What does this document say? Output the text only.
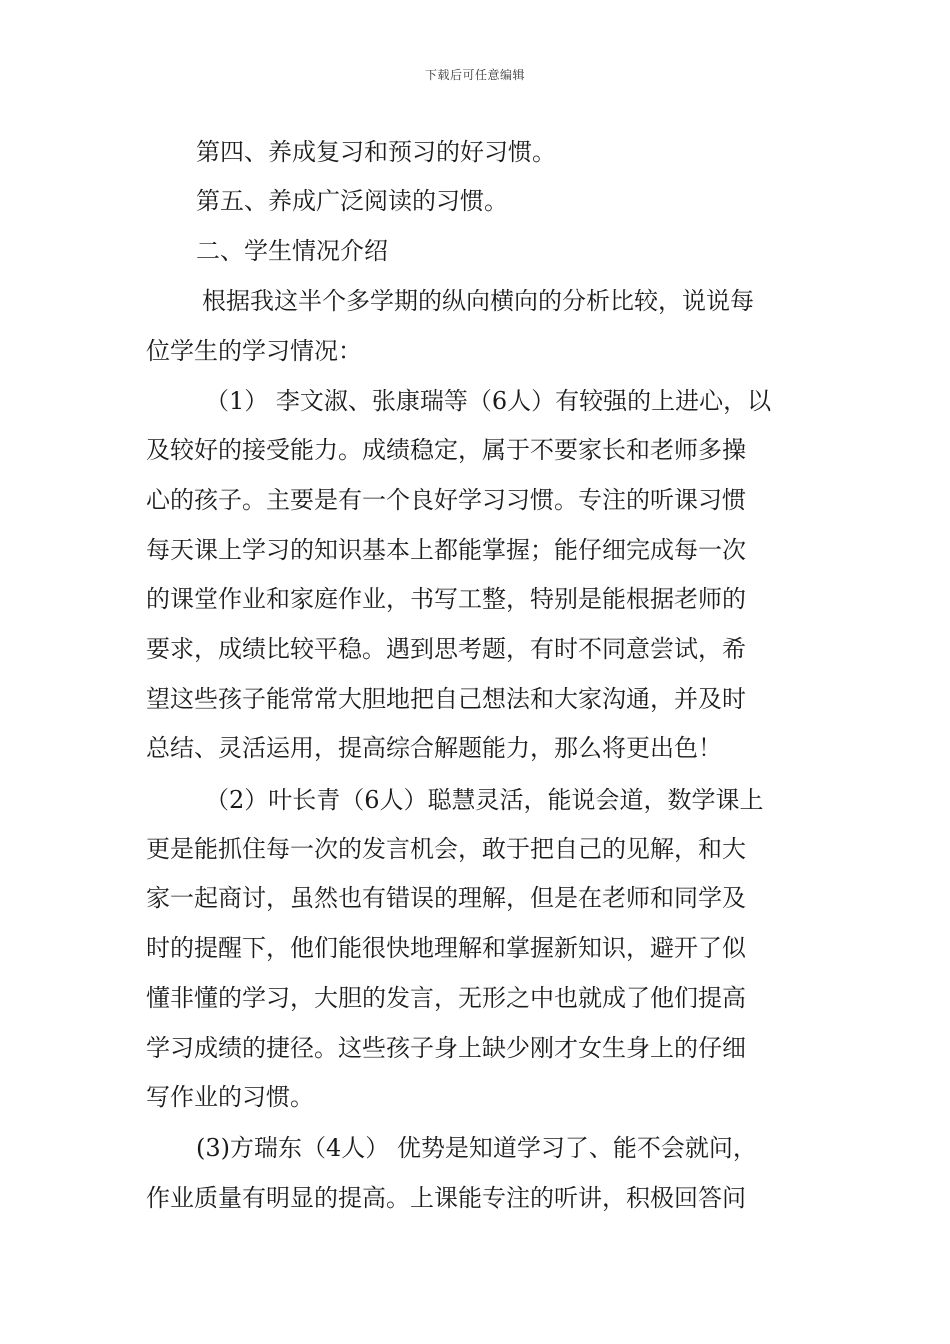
下载后可任意编辑
第四、养成复习和预习的好习惯。
第五、养成广泛阅读的习惯。
二、学生情况介绍
根据我这半个多学期的纵向横向的分析比较，说说每
位学生的学习情况：
（1） 李文淑、张康瑞等（6人）有较强的上进心，以
及较好的接受能力。成绩稳定，属于不要家长和老师多操
心的孩子。主要是有一个良好学习习惯。专注的听课习惯
每天课上学习的知识基本上都能掌握；能仔细完成每一次
的课堂作业和家庭作业，书写工整，特别是能根据老师的
要求，成绩比较平稳。遇到思考题，有时不同意尝试，希
望这些孩子能常常大胆地把自己想法和大家沟通，并及时
总结、灵活运用，提高综合解题能力，那么将更出色！
（2）叶长青（6人）聪慧灵活，能说会道，数学课上
更是能抓住每一次的发言机会，敢于把自己的见解，和大
家一起商讨，虽然也有错误的理解，但是在老师和同学及
时的提醒下，他们能很快地理解和掌握新知识，避开了似
懂非懂的学习，大胆的发言，无形之中也就成了他们提高
学习成绩的捷径。这些孩子身上缺少刚才女生身上的仔细
写作业的习惯。
(3)方瑞东（4人） 优势是知道学习了、能不会就问，
作业质量有明显的提高。上课能专注的听讲，积极回答问
